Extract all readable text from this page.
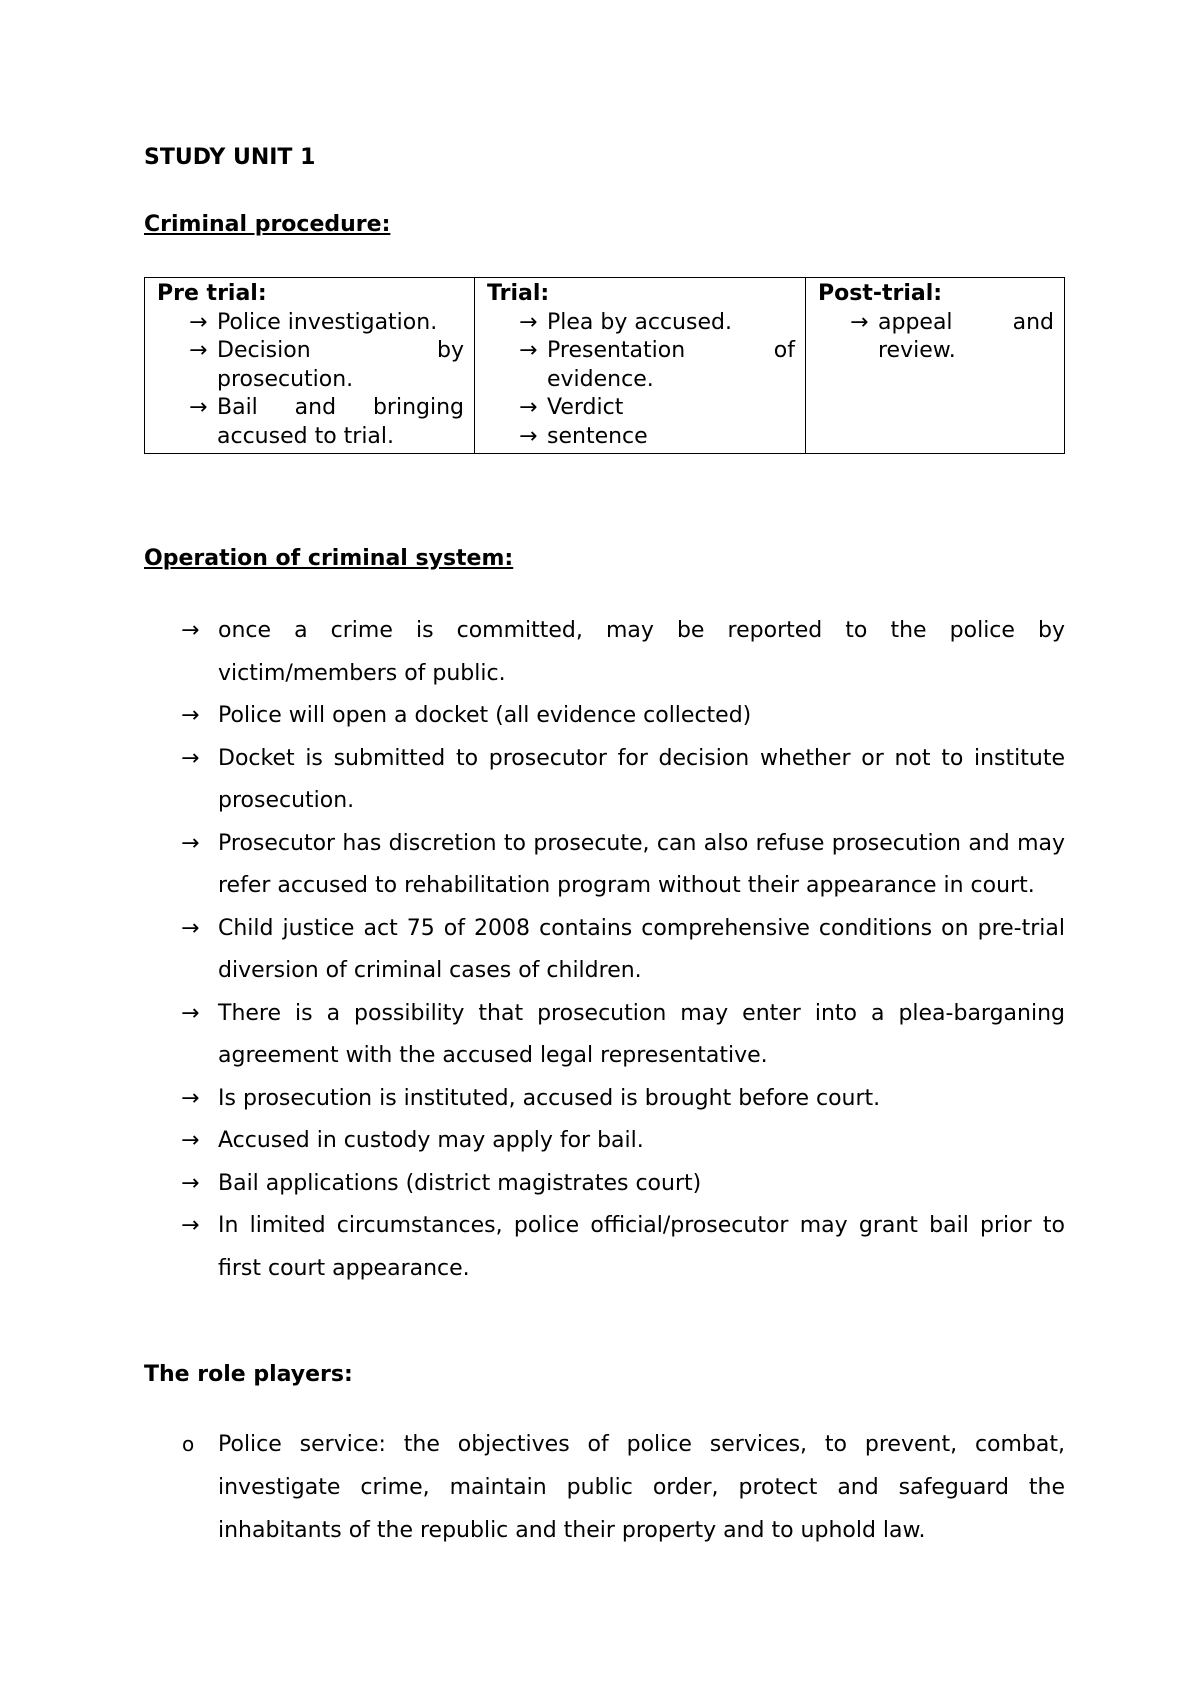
STUDY UNIT 1
Criminal procedure:
Pre trial:
→ Police investigation.
→ Decision by prosecution.
→ Bail and bringing accused to trial.

Trial:
→ Plea by accused.
→ Presentation of evidence.
→ Verdict
→ sentence

Post-trial:
→ appeal and review.
Operation of criminal system:
→ once a crime is committed, may be reported to the police by victim/members of public.
→ Police will open a docket (all evidence collected)
→ Docket is submitted to prosecutor for decision whether or not to institute prosecution.
→ Prosecutor has discretion to prosecute, can also refuse prosecution and may refer accused to rehabilitation program without their appearance in court.
→ Child justice act 75 of 2008 contains comprehensive conditions on pre-trial diversion of criminal cases of children.
→ There is a possibility that prosecution may enter into a plea-barganing agreement with the accused legal representative.
→ Is prosecution is instituted, accused is brought before court.
→ Accused in custody may apply for bail.
→ Bail applications (district magistrates court)
→ In limited circumstances, police official/prosecutor may grant bail prior to first court appearance.
The role players:
o Police service: the objectives of police services, to prevent, combat, investigate crime, maintain public order, protect and safeguard the inhabitants of the republic and their property and to uphold law.
